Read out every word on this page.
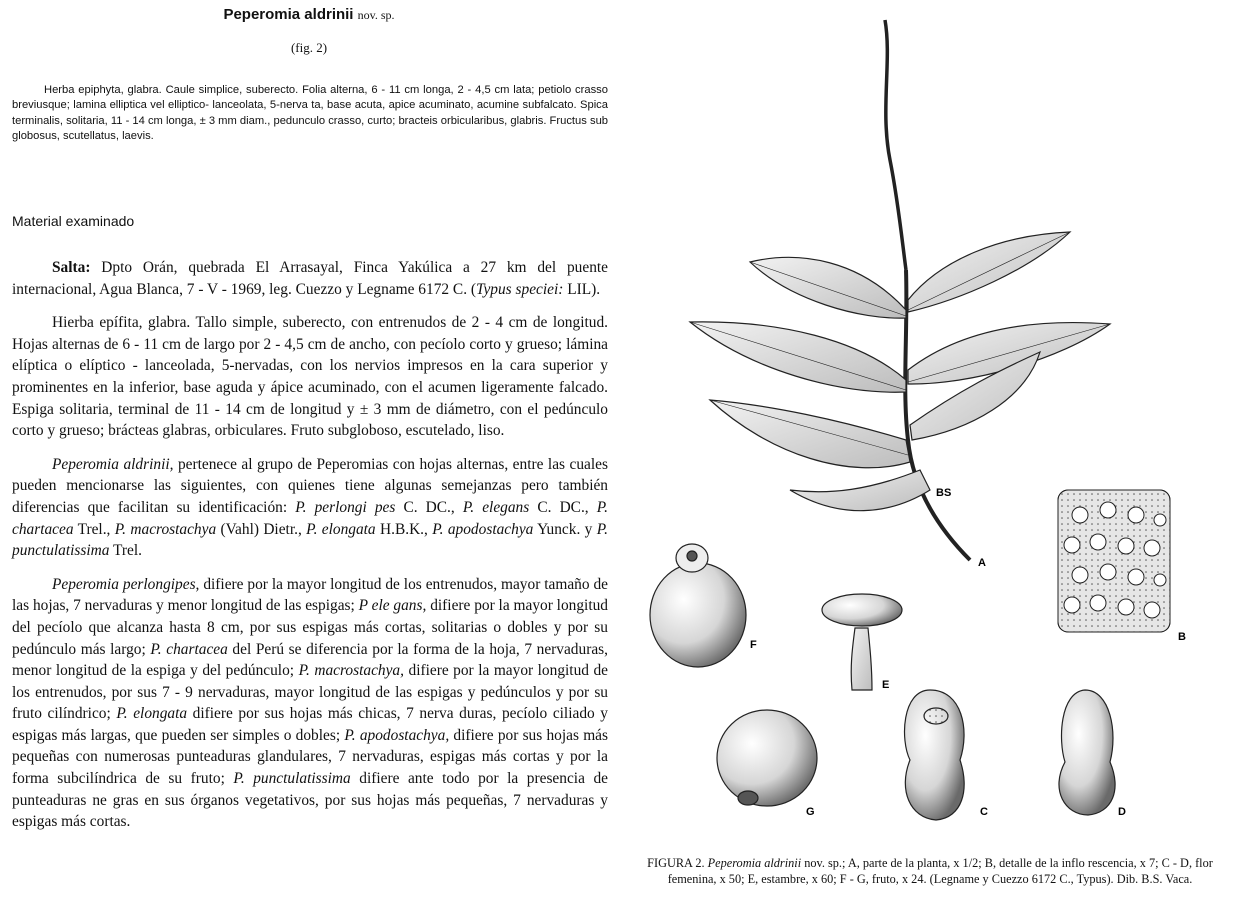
Peperomia aldrinii nov. sp.
(fig. 2)

Herba epiphyta, glabra. Caule simplice, suberecto. Folia alterna, 6 - 11 cm longa, 2 - 4,5 cm lata; petiolo crasso breviusque; lamina elliptica vel elliptico- lanceolata, 5-nerva ta, base acuta, apice acuminato, acumine subfalcato. Spica terminalis, solitaria, 11 - 14 cm longa, ± 3 mm diam., pedunculo crasso, curto; bracteis orbicularibus, glabris. Fructus sub globosus, scutellatus, laevis.

Material examinado

Salta: Dpto Orán, quebrada El Arrasayal, Finca Yakúlica a 27 km del puente internacional, Agua Blanca, 7 - V - 1969, leg. Cuezzo y Legname 6172 C. (Typus speciei: LIL).

Hierba epífita, glabra. Tallo simple, suberecto, con entrenudos de 2 - 4 cm de longitud. Hojas alternas de 6 - 11 cm de largo por 2 - 4,5 cm de ancho, con pecíolo corto y grueso; lámina elíptica o elíptico - lanceolada, 5-nervadas, con los nervios impresos en la cara superior y prominentes en la inferior, base aguda y ápice acuminado, con el acumen ligeramente falcado. Espiga solitaria, terminal de 11 - 14 cm de longitud y ± 3 mm de diámetro, con el pedúnculo corto y grueso; brácteas glabras, orbiculares. Fruto subgloboso, escutelado, liso.

Peperomia aldrinii, pertenece al grupo de Peperomias con hojas alternas, entre las cuales pueden mencionarse las siguientes, con quienes tiene algunas semejanzas pero también diferencias que facilitan su identificación: P. perlongi pes C. DC., P. elegans C. DC., P. chartacea Trel., P. macrostachya (Vahl) Dietr., P. elongata H.B.K., P. apodostachya Yunck. y P. punctulatissima Trel.

Peperomia perlongipes, difiere por la mayor longitud de los entrenudos, mayor tamaño de las hojas, 7 nervaduras y menor longitud de las espigas; P ele gans, difiere por la mayor longitud del pecíolo que alcanza hasta 8 cm, por sus espigas más cortas, solitarias o dobles y por su pedúnculo más largo; P. chartacea del Perú se diferencia por la forma de la hoja, 7 nervaduras, menor longitud de la espiga y del pedúnculo; P. macrostachya, difiere por la mayor longitud de los entrenudos, por sus 7 - 9 nervaduras, mayor longitud de las espigas y pedúnculos y por su fruto cilíndrico; P. elongata difiere por sus hojas más chicas, 7 nerva duras, pecíolo ciliado y espigas más largas, que pueden ser simples o dobles; P. apodostachya, difiere por sus hojas más pequeñas con numerosas punteaduras glandulares, 7 nervaduras, espigas más cortas y por la forma subcilíndrica de su fruto; P. punctulatissima difiere ante todo por la presencia de punteaduras ne gras en sus órganos vegetativos, por sus hojas más pequeñas, 7 nervaduras y espigas más cortas.

BS
A
B
F
E
G	C	D
FIGURA 2. Peperomia aldrinii nov. sp.; A, parte de la planta, x 1/2; B, detalle de la inflo rescencia, x 7; C - D, flor femenina, x 50; E, estambre, x 60; F - G, fruto, x 24. (Legname y Cuezzo 6172 C., Typus). Dib. B.S. Vaca.
